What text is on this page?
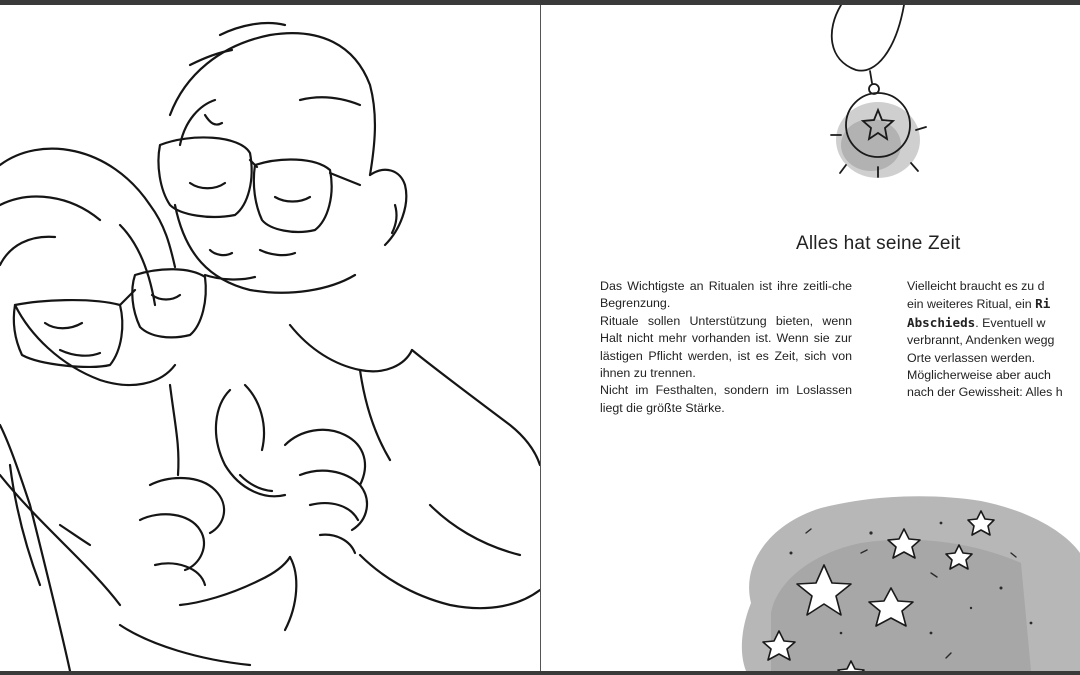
Alles hat seine Zeit

Das Wichtigste an Ritualen ist ihre zeitli-che Begrenzung.

Rituale sollen Unterstützung bieten, wenn Halt nicht mehr vorhanden ist. Wenn sie zur lästigen Pflicht werden, ist es Zeit, sich von ihnen zu trennen.

Nicht im Festhalten, sondern im Loslassen liegt die größte Stärke.

Vielleicht braucht es zu d
ein weiteres Ritual, ein Ri
Abschieds. Eventuell w
verbrannt, Andenken wegg
Orte verlassen werden.
Möglicherweise aber auch
nach der Gewissheit: Alles h
